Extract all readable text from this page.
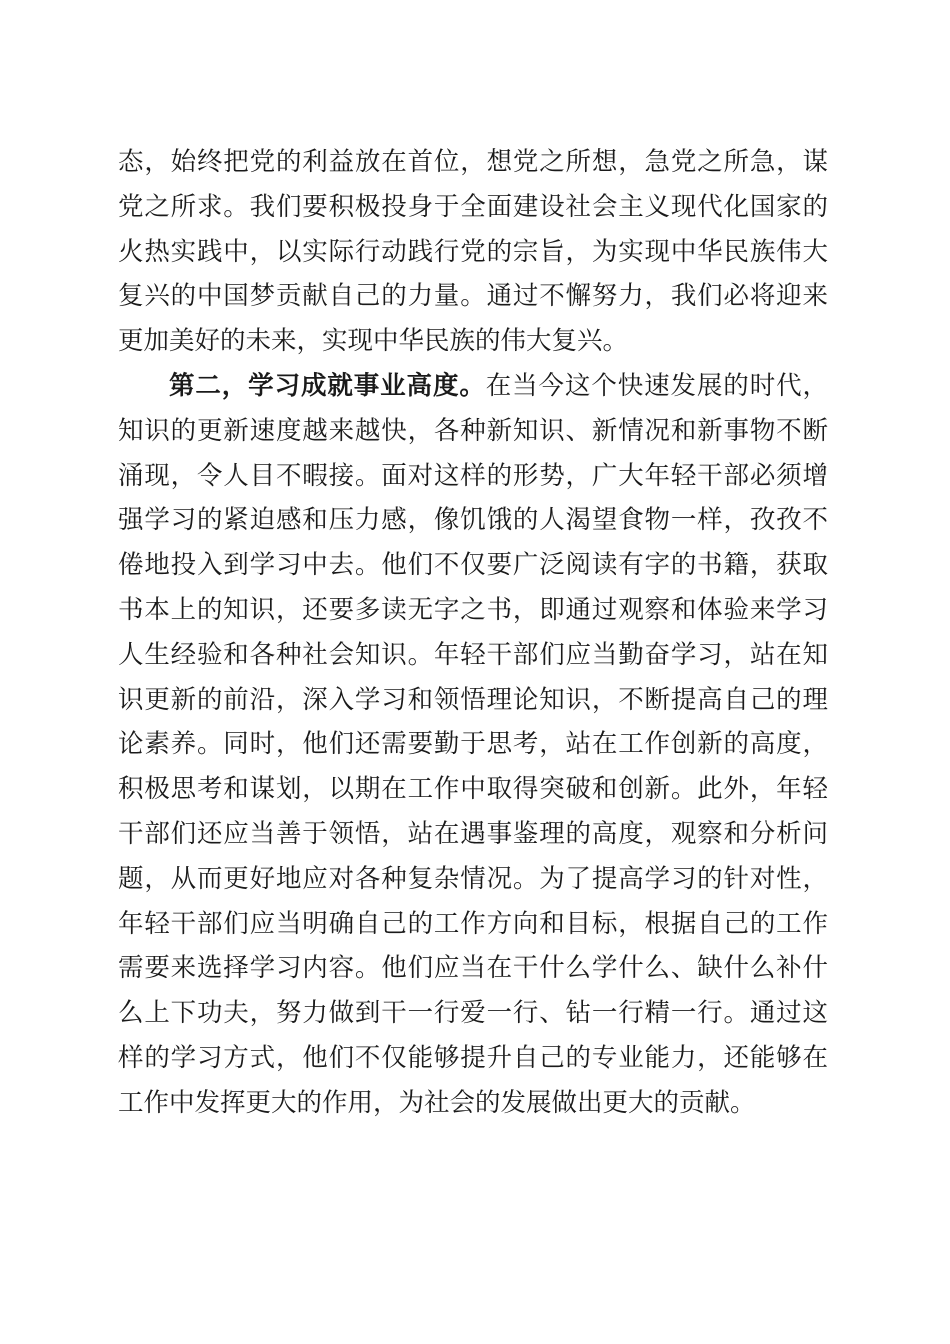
态，始终把党的利益放在首位，想党之所想，急党之所急，谋
党之所求。我们要积极投身于全面建设社会主义现代化国家的
火热实践中，以实际行动践行党的宗旨，为实现中华民族伟大
复兴的中国梦贡献自己的力量。通过不懈努力，我们必将迎来
更加美好的未来，实现中华民族的伟大复兴。
第二，学习成就事业高度。在当今这个快速发展的时代，
知识的更新速度越来越快，各种新知识、新情况和新事物不断
涌现，令人目不暇接。面对这样的形势，广大年轻干部必须增
强学习的紧迫感和压力感，像饥饿的人渴望食物一样，孜孜不
倦地投入到学习中去。他们不仅要广泛阅读有字的书籍，获取
书本上的知识，还要多读无字之书，即通过观察和体验来学习
人生经验和各种社会知识。年轻干部们应当勤奋学习，站在知
识更新的前沿，深入学习和领悟理论知识，不断提高自己的理
论素养。同时，他们还需要勤于思考，站在工作创新的高度，
积极思考和谋划，以期在工作中取得突破和创新。此外，年轻
干部们还应当善于领悟，站在遇事鉴理的高度，观察和分析问
题，从而更好地应对各种复杂情况。为了提高学习的针对性，
年轻干部们应当明确自己的工作方向和目标，根据自己的工作
需要来选择学习内容。他们应当在干什么学什么、缺什么补什
么上下功夫，努力做到干一行爱一行、钻一行精一行。通过这
样的学习方式，他们不仅能够提升自己的专业能力，还能够在
工作中发挥更大的作用，为社会的发展做出更大的贡献。
